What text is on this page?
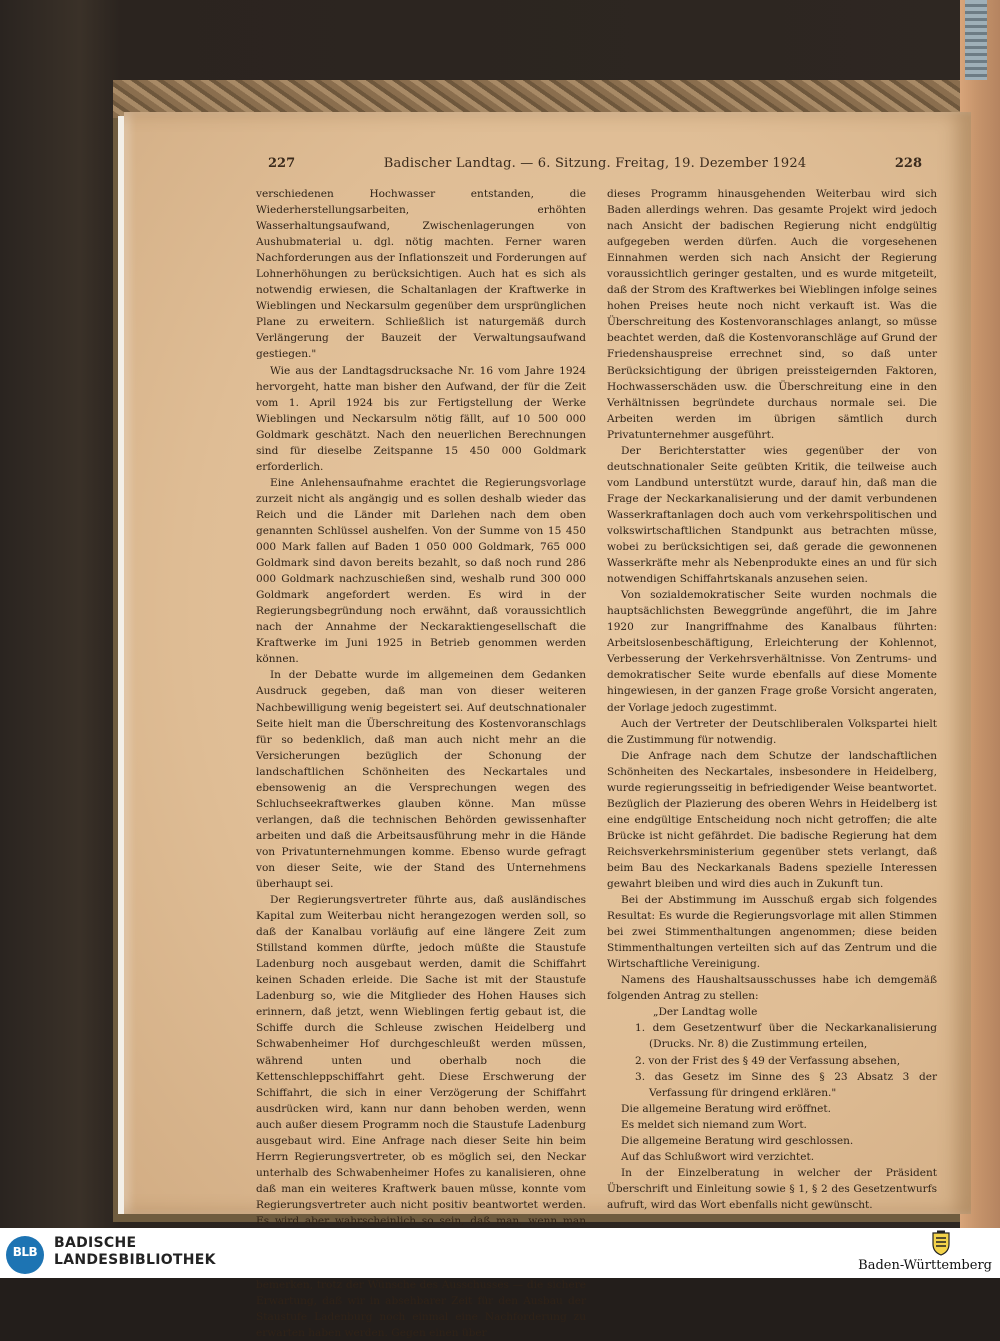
227	Badischer Landtag. — 6. Sitzung. Freitag, 19. Dezember 1924	228

verschiedenen Hochwasser entstanden, die Wiederherstellungsarbeiten, erhöhten Wasserhaltungsaufwand, Zwischenlagerungen von Aushubmaterial u. dgl. nötig machten. Ferner waren Nachforderungen aus der Inflationszeit und Forderungen auf Lohnerhöhungen zu berücksichtigen. Auch hat es sich als notwendig erwiesen, die Schaltanlagen der Kraftwerke in Wieblingen und Neckarsulm gegenüber dem ursprünglichen Plane zu erweitern. Schließlich ist naturgemäß durch Verlängerung der Bauzeit der Verwaltungsaufwand gestiegen."

Wie aus der Landtagsdrucksache Nr. 16 vom Jahre 1924 hervorgeht, hatte man bisher den Aufwand, der für die Zeit vom 1. April 1924 bis zur Fertigstellung der Werke Wieblingen und Neckarsulm nötig fällt, auf 10 500 000 Goldmark geschätzt. Nach den neuerlichen Berechnungen sind für dieselbe Zeitspanne 15 450 000 Goldmark erforderlich.

Eine Anlehensaufnahme erachtet die Regierungsvorlage zurzeit nicht als angängig und es sollen deshalb wieder das Reich und die Länder mit Darlehen nach dem oben genannten Schlüssel aushelfen. Von der Summe von 15 450 000 Mark fallen auf Baden 1 050 000 Goldmark, 765 000 Goldmark sind davon bereits bezahlt, so daß noch rund 286 000 Goldmark nachzuschießen sind, weshalb rund 300 000 Goldmark angefordert werden. Es wird in der Regierungsbegründung noch erwähnt, daß voraussichtlich nach der Annahme der Neckaraktiengesellschaft die Kraftwerke im Juni 1925 in Betrieb genommen werden können.

In der Debatte wurde im allgemeinen dem Gedanken Ausdruck gegeben, daß man von dieser weiteren Nachbewilligung wenig begeistert sei. Auf deutschnationaler Seite hielt man die Überschreitung des Kostenvoranschlags für so bedenklich, daß man auch nicht mehr an die Versicherungen bezüglich der Schonung der landschaftlichen Schönheiten des Neckartales und ebensowenig an die Versprechungen wegen des Schluchseekraftwerkes glauben könne. Man müsse verlangen, daß die technischen Behörden gewissenhafter arbeiten und daß die Arbeitsausführung mehr in die Hände von Privatunternehmungen komme. Ebenso wurde gefragt von dieser Seite, wie der Stand des Unternehmens überhaupt sei.

Der Regierungsvertreter führte aus, daß ausländisches Kapital zum Weiterbau nicht herangezogen werden soll, so daß der Kanalbau vorläufig auf eine längere Zeit zum Stillstand kommen dürfte, jedoch müßte die Staustufe Ladenburg noch ausgebaut werden, damit die Schiffahrt keinen Schaden erleide. Die Sache ist mit der Staustufe Ladenburg so, wie die Mitglieder des Hohen Hauses sich erinnern, daß jetzt, wenn Wieblingen fertig gebaut ist, die Schiffe durch die Schleuse zwischen Heidelberg und Schwabenheimer Hof durchgeschleußt werden müssen, während unten und oberhalb noch die Kettenschleppschiffahrt geht. Diese Erschwerung der Schiffahrt, die sich in einer Verzögerung der Schiffahrt ausdrücken wird, kann nur dann behoben werden, wenn auch außer diesem Programm noch die Staustufe Ladenburg ausgebaut wird. Eine Anfrage nach dieser Seite hin beim Herrn Regierungsvertreter, ob es möglich sei, den Neckar unterhalb des Schwabenheimer Hofes zu kanalisieren, ohne daß man ein weiteres Kraftwerk bauen müsse, konnte vom Regierungsvertreter auch nicht positiv beantwortet werden. Es wird aber wahrscheinlich so sein, daß man, wenn man bemerken, trotz der Wünsche des Ausschusses — die sichere Erwartung, daß wir in absehbarer Zeit für den Ausbau der Staustufe Ladenburg noch einmal eine Nachforderung zu erwarten haben werden. Gegen einen über

dieses Programm hinausgehenden Weiterbau wird sich Baden allerdings wehren. Das gesamte Projekt wird jedoch nach Ansicht der badischen Regierung nicht endgültig aufgegeben werden dürfen. Auch die vorgesehenen Einnahmen werden sich nach Ansicht der Regierung voraussichtlich geringer gestalten, und es wurde mitgeteilt, daß der Strom des Kraftwerkes bei Wieblingen infolge seines hohen Preises heute noch nicht verkauft ist. Was die Überschreitung des Kostenvoranschlages anlangt, so müsse beachtet werden, daß die Kostenvoranschläge auf Grund der Friedenshauspreise errechnet sind, so daß unter Berücksichtigung der übrigen preissteigernden Faktoren, Hochwasserschäden usw. die Überschreitung eine in den Verhältnissen begründete durchaus normale sei. Die Arbeiten werden im übrigen sämtlich durch Privatunternehmer ausgeführt.

Der Berichterstatter wies gegenüber der von deutschnationaler Seite geübten Kritik, die teilweise auch vom Landbund unterstützt wurde, darauf hin, daß man die Frage der Neckarkanalisierung und der damit verbundenen Wasserkraftanlagen doch auch vom verkehrspolitischen und volkswirtschaftlichen Standpunkt aus betrachten müsse, wobei zu berücksichtigen sei, daß gerade die gewonnenen Wasserkräfte mehr als Nebenprodukte eines an und für sich notwendigen Schiffahrtskanals anzusehen seien.

Von sozialdemokratischer Seite wurden nochmals die hauptsächlichsten Beweggründe angeführt, die im Jahre 1920 zur Inangriffnahme des Kanalbaus führten: Arbeitslosenbeschäftigung, Erleichterung der Kohlennot, Verbesserung der Verkehrsverhältnisse. Von Zentrums- und demokratischer Seite wurde ebenfalls auf diese Momente hingewiesen, in der ganzen Frage große Vorsicht angeraten, der Vorlage jedoch zugestimmt.

Auch der Vertreter der Deutschliberalen Volkspartei hielt die Zustimmung für notwendig.

Die Anfrage nach dem Schutze der landschaftlichen Schönheiten des Neckartales, insbesondere in Heidelberg, wurde regierungsseitig in befriedigender Weise beantwortet. Bezüglich der Plazierung des oberen Wehrs in Heidelberg ist eine endgültige Entscheidung noch nicht getroffen; die alte Brücke ist nicht gefährdet. Die badische Regierung hat dem Reichsverkehrsministerium gegenüber stets verlangt, daß beim Bau des Neckarkanals Badens spezielle Interessen gewahrt bleiben und wird dies auch in Zukunft tun.

Bei der Abstimmung im Ausschuß ergab sich folgendes Resultat: Es wurde die Regierungsvorlage mit allen Stimmen bei zwei Stimmenthaltungen angenommen; diese beiden Stimmenthaltungen verteilten sich auf das Zentrum und die Wirtschaftliche Vereinigung.

Namens des Haushaltsausschusses habe ich demgemäß folgenden Antrag zu stellen:

„Der Landtag wolle

1. dem Gesetzentwurf über die Neckarkanalisierung (Drucks. Nr. 8) die Zustimmung erteilen,

2. von der Frist des § 49 der Verfassung absehen,

3. das Gesetz im Sinne des § 23 Absatz 3 der Verfassung für dringend erklären."

Die allgemeine Beratung wird eröffnet.

Es meldet sich niemand zum Wort.

Die allgemeine Beratung wird geschlossen.

Auf das Schlußwort wird verzichtet.

In der Einzelberatung in welcher der Präsident Überschrift und Einleitung sowie § 1, § 2 des Gesetzentwurfs aufruft, wird das Wort ebenfalls nicht gewünscht.

BLB
BADISCHE
LANDESBIBLIOTHEK	Baden-Württemberg
